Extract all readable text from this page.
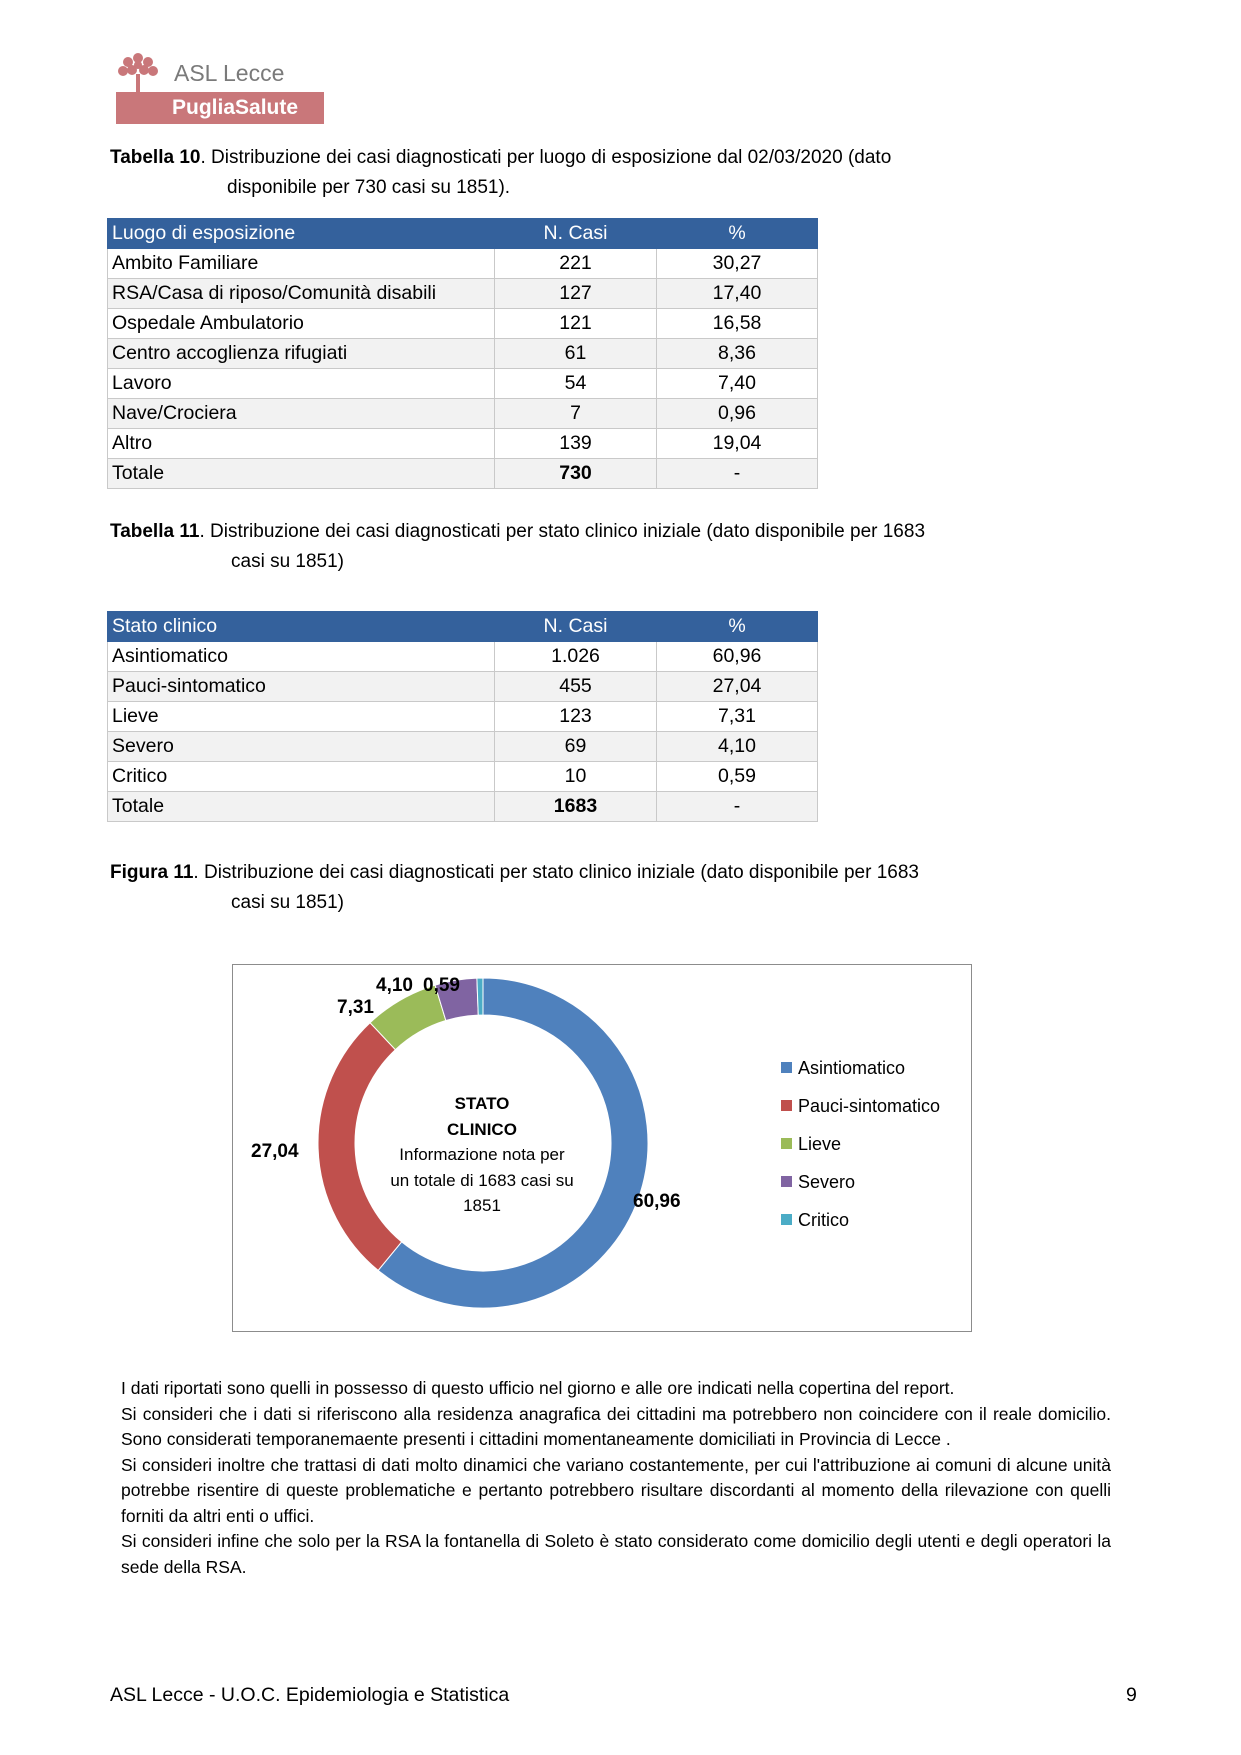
ASL Lecce
PugliaSalute
Tabella 10. Distribuzione dei casi diagnosticati per luogo di esposizione dal 02/03/2020 (dato
disponibile per 730 casi su 1851).
Luogo di esposizione	N. Casi	%
Ambito Familiare	221	30,27
RSA/Casa di riposo/Comunità disabili	127	17,40
Ospedale Ambulatorio	121	16,58
Centro accoglienza rifugiati	61	8,36
Lavoro	54	7,40
Nave/Crociera	7	0,96
Altro	139	19,04
Totale	730	-
Tabella 11. Distribuzione dei casi diagnosticati per stato clinico iniziale (dato disponibile per 1683
casi su 1851)
Stato clinico	N. Casi	%
Asintiomatico	1.026	60,96
Pauci-sintomatico	455	27,04
Lieve	123	7,31
Severo	69	4,10
Critico	10	0,59
Totale	1683	-
Figura 11. Distribuzione dei casi diagnosticati per stato clinico iniziale (dato disponibile per 1683
casi su 1851)
60,96
27,04
7,31
4,10 0,59
STATO
CLINICO
Informazione nota per
un totale di 1683 casi su
1851
Asintiomatico
Pauci-sintomatico
Lieve
Severo
Critico

I dati riportati sono quelli in possesso di questo ufficio nel giorno e alle ore indicati nella copertina del report.

Si consideri che i dati si riferiscono alla residenza anagrafica dei cittadini ma potrebbero non coincidere con il reale domicilio. Sono considerati temporanemaente presenti i cittadini momentaneamente domiciliati in Provincia di Lecce .

Si consideri inoltre che trattasi di dati molto dinamici che variano costantemente, per cui l'attribuzione ai comuni di alcune unità potrebbe risentire di queste problematiche e pertanto potrebbero risultare discordanti al momento della rilevazione con quelli forniti da altri enti o uffici.

Si consideri infine che solo per la RSA la fontanella di Soleto è stato considerato come domicilio degli utenti e degli operatori la sede della RSA.

ASL Lecce - U.O.C. Epidemiologia e Statistica	9
